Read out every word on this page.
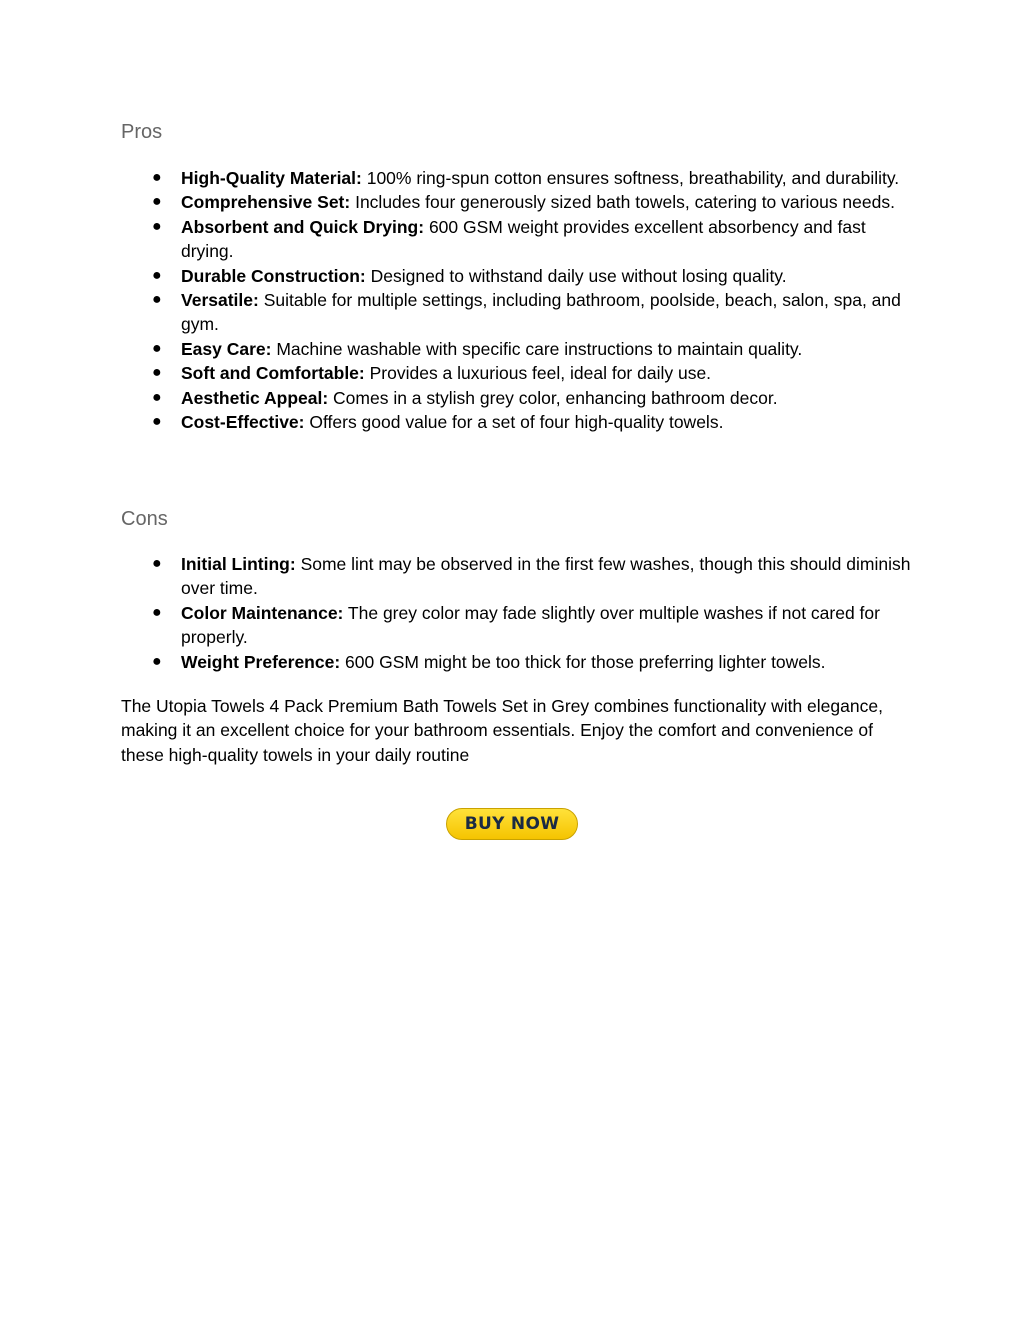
Pros
● High-Quality Material: 100% ring-spun cotton ensures softness, breathability, and durability.
● Comprehensive Set: Includes four generously sized bath towels, catering to various needs.
● Absorbent and Quick Drying: 600 GSM weight provides excellent absorbency and fast drying.
● Durable Construction: Designed to withstand daily use without losing quality.
● Versatile: Suitable for multiple settings, including bathroom, poolside, beach, salon, spa, and gym.
● Easy Care: Machine washable with specific care instructions to maintain quality.
● Soft and Comfortable: Provides a luxurious feel, ideal for daily use.
● Aesthetic Appeal: Comes in a stylish grey color, enhancing bathroom decor.
● Cost-Effective: Offers good value for a set of four high-quality towels.
Cons
● Initial Linting: Some lint may be observed in the first few washes, though this should diminish over time.
● Color Maintenance: The grey color may fade slightly over multiple washes if not cared for properly.
● Weight Preference: 600 GSM might be too thick for those preferring lighter towels.

The Utopia Towels 4 Pack Premium Bath Towels Set in Grey combines functionality with elegance, making it an excellent choice for your bathroom essentials. Enjoy the comfort and convenience of these high-quality towels in your daily routine

BUY NOW
